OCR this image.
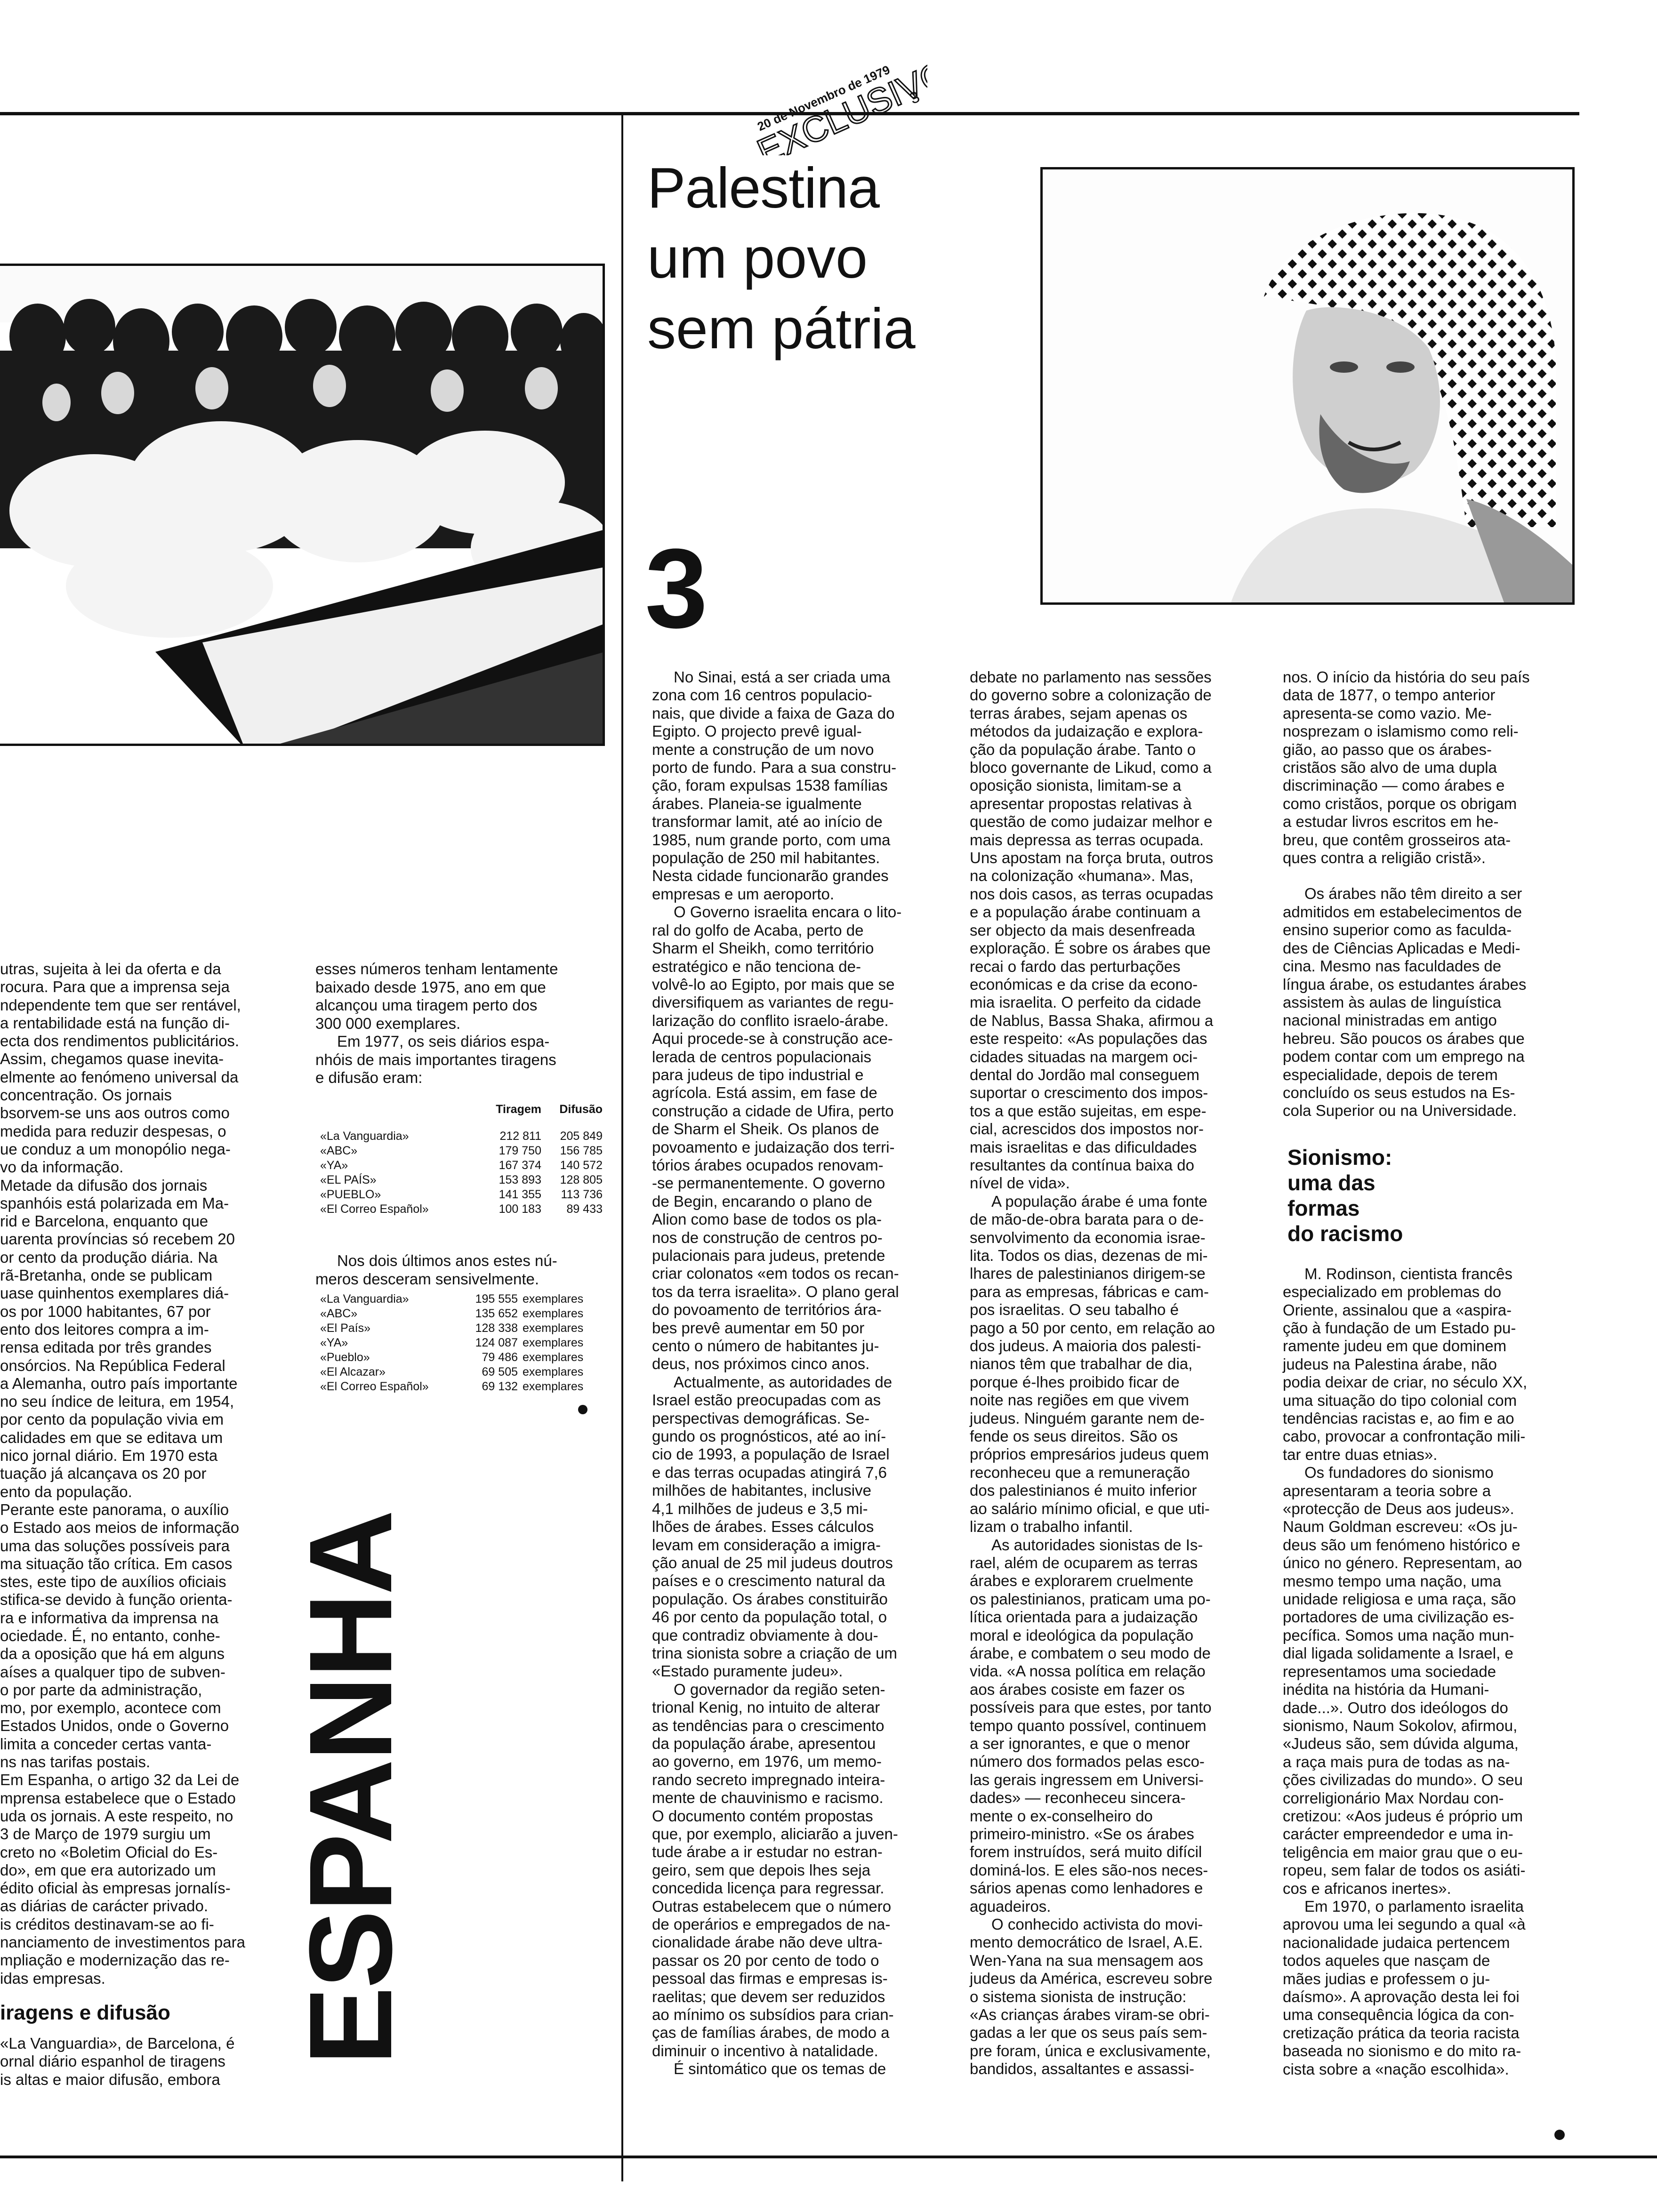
20 de Novembro de 1979
EXCLUSIVO
3
Palestina
um povo
sem pátria
3

utras, sujeita à lei da oferta e da
rocura. Para que a imprensa seja
ndependente tem que ser rentável,
a rentabilidade está na função di-
ecta dos rendimentos publicitários.

Assim, chegamos quase inevita-
elmente ao fenómeno universal da
concentração. Os jornais
bsorvem-se uns aos outros como
medida para reduzir despesas, o
ue conduz a um monopólio nega-
vo da informação.

Metade da difusão dos jornais
spanhóis está polarizada em Ma-
rid e Barcelona, enquanto que
uarenta províncias só recebem 20
or cento da produção diária. Na
rã-Bretanha, onde se publicam
uase quinhentos exemplares diá-
os por 1000 habitantes, 67 por
ento dos leitores compra a im-
rensa editada por três grandes
onsórcios. Na República Federal
a Alemanha, outro país importante
no seu índice de leitura, em 1954,
por cento da população vivia em
calidades em que se editava um
nico jornal diário. Em 1970 esta
tuação já alcançava os 20 por
ento da população.

Perante este panorama, o auxílio
o Estado aos meios de informação
uma das soluções possíveis para
ma situação tão crítica. Em casos
stes, este tipo de auxílios oficiais
stifica-se devido à função orienta-
ra e informativa da imprensa na
ociedade. É, no entanto, conhe-
da a oposição que há em alguns
aíses a qualquer tipo de subven-
o por parte da administração,
mo, por exemplo, acontece com
Estados Unidos, onde o Governo
limita a conceder certas vanta-
ns nas tarifas postais.

Em Espanha, o artigo 32 da Lei de
mprensa estabelece que o Estado
uda os jornais. A este respeito, no
3 de Março de 1979 surgiu um
creto no «Boletim Oficial do Es-
do», em que era autorizado um
édito oficial às empresas jornalís-
as diárias de carácter privado.
is créditos destinavam-se ao fi-
nanciamento de investimentos para
mpliação e modernização das re-
idas empresas.

iragens e difusão

«La Vanguardia», de Barcelona, é
ornal diário espanhol de tiragens
is altas e maior difusão, embora

esses números tenham lentamente
baixado desde 1975, ano em que
alcançou uma tiragem perto dos
300 000 exemplares.

Em 1977, os seis diários espa-
nhóis de mais importantes tiragens
e difusão eram:

Tiragem	Difusão
«La Vanguardia»	212 811	205 849
«ABC»	179 750	156 785
«YA»	167 374	140 572
«EL PAÍS»	153 893	128 805
«PUEBLO»	141 355	113 736
«El Correo Español»	100 183	89 433

Nos dois últimos anos estes nú-
meros desceram sensivelmente.

«La Vanguardia»	195 555 exemplares
«ABC»	135 652 exemplares
«El País»	128 338 exemplares
«YA»	124 087 exemplares
«Pueblo»	79 486 exemplares
«El Alcazar»	69 505 exemplares
«El Correo Español»	69 132 exemplares
ESPANHA

No Sinai, está a ser criada uma
zona com 16 centros populacio-
nais, que divide a faixa de Gaza do
Egipto. O projecto prevê igual-
mente a construção de um novo
porto de fundo. Para a sua constru-
ção, foram expulsas 1538 famílias
árabes. Planeia-se igualmente
transformar lamit, até ao início de
1985, num grande porto, com uma
população de 250 mil habitantes.
Nesta cidade funcionarão grandes
empresas e um aeroporto.

O Governo israelita encara o lito-
ral do golfo de Acaba, perto de
Sharm el Sheikh, como território
estratégico e não tenciona de-
volvê-lo ao Egipto, por mais que se
diversifiquem as variantes de regu-
larização do conflito israelo-árabe.
Aqui procede-se à construção ace-
lerada de centros populacionais
para judeus de tipo industrial e
agrícola. Está assim, em fase de
construção a cidade de Ufira, perto
de Sharm el Sheik. Os planos de
povoamento e judaização dos terri-
tórios árabes ocupados renovam-
-se permanentemente. O governo
de Begin, encarando o plano de
Alion como base de todos os pla-
nos de construção de centros po-
pulacionais para judeus, pretende
criar colonatos «em todos os recan-
tos da terra israelita». O plano geral
do povoamento de territórios ára-
bes prevê aumentar em 50 por
cento o número de habitantes ju-
deus, nos próximos cinco anos.

Actualmente, as autoridades de
Israel estão preocupadas com as
perspectivas demográficas. Se-
gundo os prognósticos, até ao iní-
cio de 1993, a população de Israel
e das terras ocupadas atingirá 7,6
milhões de habitantes, inclusive
4,1 milhões de judeus e 3,5 mi-
lhões de árabes. Esses cálculos
levam em consideração a imigra-
ção anual de 25 mil judeus doutros
países e o crescimento natural da
população. Os árabes constituirão
46 por cento da população total, o
que contradiz obviamente à dou-
trina sionista sobre a criação de um
«Estado puramente judeu».

O governador da região seten-
trional Kenig, no intuito de alterar
as tendências para o crescimento
da população árabe, apresentou
ao governo, em 1976, um memo-
rando secreto impregnado inteira-
mente de chauvinismo e racismo.
O documento contém propostas
que, por exemplo, aliciarão a juven-
tude árabe a ir estudar no estran-
geiro, sem que depois lhes seja
concedida licença para regressar.
Outras estabelecem que o número
de operários e empregados de na-
cionalidade árabe não deve ultra-
passar os 20 por cento de todo o
pessoal das firmas e empresas is-
raelitas; que devem ser reduzidos
ao mínimo os subsídios para crian-
ças de famílias árabes, de modo a
diminuir o incentivo à natalidade.

É sintomático que os temas de

debate no parlamento nas sessões
do governo sobre a colonização de
terras árabes, sejam apenas os
métodos da judaização e explora-
ção da população árabe. Tanto o
bloco governante de Likud, como a
oposição sionista, limitam-se a
apresentar propostas relativas à
questão de como judaizar melhor e
mais depressa as terras ocupada.
Uns apostam na força bruta, outros
na colonização «humana». Mas,
nos dois casos, as terras ocupadas
e a população árabe continuam a
ser objecto da mais desenfreada
exploração. É sobre os árabes que
recai o fardo das perturbações
económicas e da crise da econo-
mia israelita. O perfeito da cidade
de Nablus, Bassa Shaka, afirmou a
este respeito: «As populações das
cidades situadas na margem oci-
dental do Jordão mal conseguem
suportar o crescimento dos impos-
tos a que estão sujeitas, em espe-
cial, acrescidos dos impostos nor-
mais israelitas e das dificuldades
resultantes da contínua baixa do
nível de vida».

A população árabe é uma fonte
de mão-de-obra barata para o de-
senvolvimento da economia israe-
lita. Todos os dias, dezenas de mi-
lhares de palestinianos dirigem-se
para as empresas, fábricas e cam-
pos israelitas. O seu tabalho é
pago a 50 por cento, em relação ao
dos judeus. A maioria dos palesti-
nianos têm que trabalhar de dia,
porque é-lhes proibido ficar de
noite nas regiões em que vivem
judeus. Ninguém garante nem de-
fende os seus direitos. São os
próprios empresários judeus quem
reconheceu que a remuneração
dos palestinianos é muito inferior
ao salário mínimo oficial, e que uti-
lizam o trabalho infantil.

As autoridades sionistas de Is-
rael, além de ocuparem as terras
árabes e explorarem cruelmente
os palestinianos, praticam uma po-
lítica orientada para a judaização
moral e ideológica da população
árabe, e combatem o seu modo de
vida. «A nossa política em relação
aos árabes cosiste em fazer os
possíveis para que estes, por tanto
tempo quanto possível, continuem
a ser ignorantes, e que o menor
número dos formados pelas esco-
las gerais ingressem em Universi-
dades» — reconheceu sincera-
mente o ex-conselheiro do
primeiro-ministro. «Se os árabes
forem instruídos, será muito difícil
dominá-los. E eles são-nos neces-
sários apenas como lenhadores e
aguadeiros.

O conhecido activista do movi-
mento democrático de Israel, A.E.
Wen-Yana na sua mensagem aos
judeus da América, escreveu sobre
o sistema sionista de instrução:
«As crianças árabes viram-se obri-
gadas a ler que os seus país sem-
pre foram, única e exclusivamente,
bandidos, assaltantes e assassi-

nos. O início da história do seu país
data de 1877, o tempo anterior
apresenta-se como vazio. Me-
nosprezam o islamismo como reli-
gião, ao passo que os árabes-
cristãos são alvo de uma dupla
discriminação — como árabes e
como cristãos, porque os obrigam
a estudar livros escritos em he-
breu, que contêm grosseiros ata-
ques contra a religião cristã».

Os árabes não têm direito a ser
admitidos em estabelecimentos de
ensino superior como as faculda-
des de Ciências Aplicadas e Medi-
cina. Mesmo nas faculdades de
língua árabe, os estudantes árabes
assistem às aulas de linguística
nacional ministradas em antigo
hebreu. São poucos os árabes que
podem contar com um emprego na
especialidade, depois de terem
concluído os seus estudos na Es-
cola Superior ou na Universidade.

Sionismo:
uma das
formas
do racismo

M. Rodinson, cientista francês
especializado em problemas do
Oriente, assinalou que a «aspira-
ção à fundação de um Estado pu-
ramente judeu em que dominem
judeus na Palestina árabe, não
podia deixar de criar, no século XX,
uma situação do tipo colonial com
tendências racistas e, ao fim e ao
cabo, provocar a confrontação mili-
tar entre duas etnias».

Os fundadores do sionismo
apresentaram a teoria sobre a
«protecção de Deus aos judeus».
Naum Goldman escreveu: «Os ju-
deus são um fenómeno histórico e
único no género. Representam, ao
mesmo tempo uma nação, uma
unidade religiosa e uma raça, são
portadores de uma civilização es-
pecífica. Somos uma nação mun-
dial ligada solidamente a Israel, e
representamos uma sociedade
inédita na história da Humani-
dade...». Outro dos ideólogos do
sionismo, Naum Sokolov, afirmou,
«Judeus são, sem dúvida alguma,
a raça mais pura de todas as na-
ções civilizadas do mundo». O seu
correligionário Max Nordau con-
cretizou: «Aos judeus é próprio um
carácter empreendedor e uma in-
teligência em maior grau que o eu-
ropeu, sem falar de todos os asiáti-
cos e africanos inertes».

Em 1970, o parlamento israelita
aprovou uma lei segundo a qual «à
nacionalidade judaica pertencem
todos aqueles que nasçam de
mães judias e professem o ju-
daísmo». A aprovação desta lei foi
uma consequência lógica da con-
cretização prática da teoria racista
baseada no sionismo e do mito ra-
cista sobre a «nação escolhida».
